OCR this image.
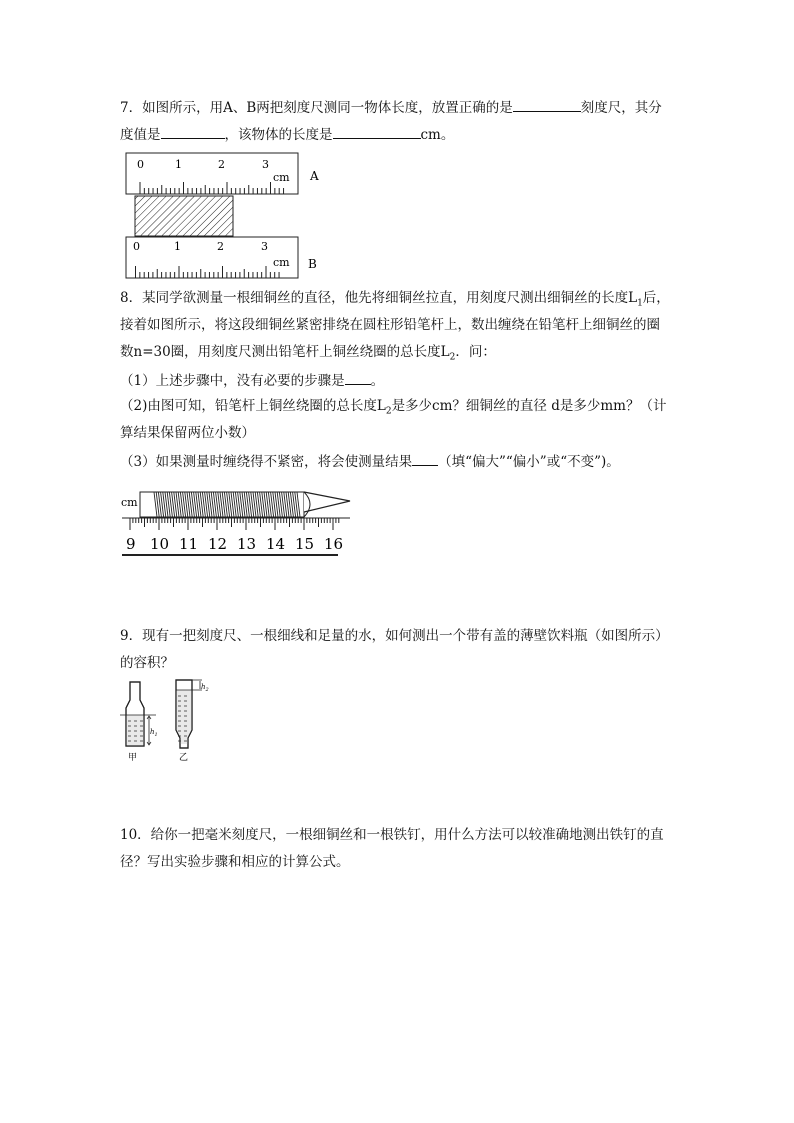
7．如图所示，用A、B两把刻度尺测同一物体长度，放置正确的是	刻度尺，其分
度值是	，该物体的长度是	cm。
0	1	2	3
cm A
0	1	2	3
cm B
8．某同学欲测量一根细铜丝的直径，他先将细铜丝拉直，用刻度尺测出细铜丝的长度$L_1$后，
接着如图所示，将这段细铜丝紧密排绕在圆柱形铅笔杆上，数出缠绕在铅笔杆上细铜丝的圈
数n=30圈，用刻度尺测出铅笔杆上铜丝绕圈的总长度$L_2$．问：
（1）上述步骤中，没有必要的步骤是 。
（2)由图可知，铅笔杆上铜丝绕圈的总长度$L_2$是多少cm？细铜丝的直径 d是多少mm？（计
算结果保留两位小数）
（3）如果测量时缠绕得不紧密，将会使测量结果 （填“偏大”“偏小”或“不变”)。
cm
9 10 11 12 13 14 15 16
9．现有一把刻度尺、一根细线和足量的水，如何测出一个带有盖的薄壁饮料瓶（如图所示）
的容积？
$h_1$
甲
$h_2$
乙
10．给你一把毫米刻度尺，一根细铜丝和一根铁钉，用什么方法可以较准确地测出铁钉的直
径？写出实验步骤和相应的计算公式。
